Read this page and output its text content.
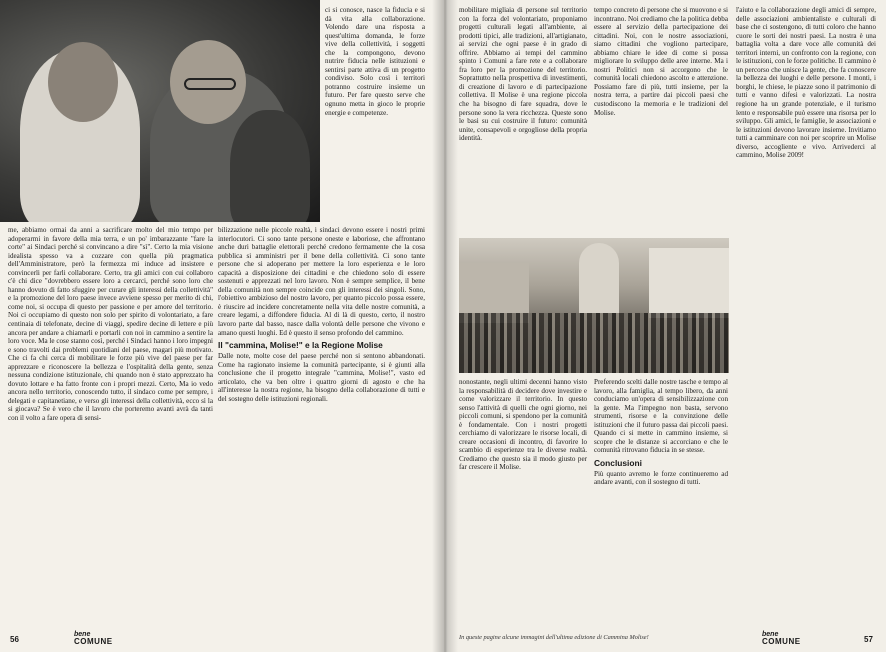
ci si conosce, nasce la fiducia e si dà vita alla collaborazione. Volendo dare una risposta a quest'ultima domanda, le forze vive della collettività, i soggetti che la compongono, devono nutrire fiducia nelle istituzioni e sentirsi parte attiva di un progetto condiviso. Solo così i territori potranno costruire insieme un futuro. Per fare questo serve che ognuno metta in gioco le proprie energie e competenze.

me, abbiamo ormai da anni a sacrificare molto del mio tempo per adoperarmi in favore della mia terra, e un po' imbarazzante "fare la corte" ai Sindaci perché si convincano a dire "sì". Certo la mia visione idealista spesso va a cozzare con quella più pragmatica dell'Amministratore, però la fermezza mi induce ad insistere e convincerli per farli collaborare. Certo, tra gli amici con cui collaboro c'è chi dice "dovrebbero essere loro a cercarci, perché sono loro che hanno dovuto di fatto sfuggire per curare gli interessi della collettività" e la promozione del loro paese invece avviene spesso per merito di chi, come noi, si occupa di questo per passione e per amore del territorio. Noi ci occupiamo di questo non solo per spirito di volontariato, a fare centinaia di telefonate, decine di viaggi, spedire decine di lettere e più ancora per andare a chiamarli e portarli con noi in cammino a sentire la loro voce. Ma le cose stanno così, perché i Sindaci hanno i loro impegni e sono travolti dai problemi quotidiani del paese, magari più motivato. Che ci fa chi cerca di mobilitare le forze più vive del paese per far apprezzare e riconoscere la bellezza e l'ospitalità della gente, senza nessuna condizione istituzionale, chi quando non è stato apprezzato ha dovuto lottare e ha fatto fronte con i propri mezzi. Certo, Ma io vedo ancora nello territorio, conoscendo tutto, il sindaco come per sempre, i delegati e capitanetiane, e verso gli interessi della collettività, ecco sì la si giocava? Se è vero che il lavoro che porteremo avanti avrà da tanti con il volto a fare opera di sensi-

bilizzazione nelle piccole realtà, i sindaci devono essere i nostri primi interlocutori. Ci sono tante persone oneste e laboriose, che affrontano anche duri battaglie elettorali perché credono fermamente che la cosa pubblica si amministri per il bene della collettività. Ci sono tante persone che si adoperano per mettere la loro esperienza e le loro capacità a disposizione dei cittadini e che chiedono solo di essere sostenuti e apprezzati nel loro lavoro. Non è sempre semplice, il bene della comunità non sempre coincide con gli interessi dei singoli. Sono, l'obiettivo ambizioso del nostro lavoro, per quanto piccolo possa essere, è riuscire ad incidere concretamente nella vita delle nostre comunità, a creare legami, a diffondere fiducia. Al di là di questo, certo, il nostro lavoro parte dal basso, nasce dalla volontà delle persone che vivono e amano questi luoghi. Ed è questo il senso profondo del cammino.

Il "cammina, Molise!" e la Regione Molise

Dalle note, molte cose del paese perché non si sentono abbandonati. Come ha ragionato insieme la comunità partecipante, si è giunti alla conclusione che il progetto integrale "cammina, Molise!", vasto ed articolato, che va ben oltre i quattro giorni di agosto e che ha all'interesse la nostra regione, ha bisogno della collaborazione di tutti e del sostegno delle istituzioni regionali.

56
bene
COMUNE

mobilitare migliaia di persone sul territorio con la forza del volontariato, proponiamo progetti culturali legati all'ambiente, ai prodotti tipici, alle tradizioni, all'artigianato, ai servizi che ogni paese è in grado di offrire. Abbiamo ai tempi del cammino spinto i Comuni a fare rete e a collaborare fra loro per la promozione del territorio. Soprattutto nella prospettiva di investimenti, di creazione di lavoro e di partecipazione collettiva. Il Molise è una regione piccola che ha bisogno di fare squadra, dove le persone sono la vera ricchezza. Queste sono le basi su cui costruire il futuro: comunità unite, consapevoli e orgogliose della propria identità.

tempo concreto di persone che si muovono e si incontrano. Noi crediamo che la politica debba essere al servizio della partecipazione dei cittadini. Noi, con le nostre associazioni, siamo cittadini che vogliono partecipare, abbiamo chiare le idee di come si possa migliorare lo sviluppo delle aree interne. Ma i nostri Politici non si accorgono che le comunità locali chiedono ascolto e attenzione. Possiamo fare di più, tutti insieme, per la nostra terra, a partire dai piccoli paesi che custodiscono la memoria e le tradizioni del Molise.

l'aiuto e la collaborazione degli amici di sempre, delle associazioni ambientaliste e culturali di base che ci sostengono, di tutti coloro che hanno cuore le sorti dei nostri paesi. La nostra è una battaglia volta a dare voce alle comunità dei territori interni, un confronto con la regione, con le istituzioni, con le forze politiche. Il cammino è un percorso che unisce la gente, che fa conoscere la bellezza dei luoghi e delle persone. I monti, i borghi, le chiese, le piazze sono il patrimonio di tutti e vanno difesi e valorizzati. La nostra regione ha un grande potenziale, e il turismo lento e responsabile può essere una risorsa per lo sviluppo. Gli amici, le famiglie, le associazioni e le istituzioni devono lavorare insieme. Invitiamo tutti a camminare con noi per scoprire un Molise diverso, accogliente e vivo. Arrivederci al cammino, Molise 2009!

nonostante, negli ultimi decenni hanno visto la responsabilità di decidere dove investire e come valorizzare il territorio. In questo senso l'attività di quelli che ogni giorno, nei piccoli comuni, si spendono per la comunità è fondamentale. Con i nostri progetti cerchiamo di valorizzare le risorse locali, di creare occasioni di incontro, di favorire lo scambio di esperienze tra le diverse realtà. Crediamo che questo sia il modo giusto per far crescere il Molise.

Preferendo scelti dalle nostre tasche e tempo al lavoro, alla famiglia, al tempo libero, da anni conduciamo un'opera di sensibilizzazione con la gente. Ma l'impegno non basta, servono strumenti, risorse e la convinzione delle istituzioni che il futuro passa dai piccoli paesi. Quando ci si mette in cammino insieme, si scopre che le distanze si accorciano e che le comunità ritrovano fiducia in se stesse.

Conclusioni

Più quanto avremo le forze continueremo ad andare avanti, con il sostegno di tutti.

In queste pagine alcune immagini dell'ultima edizione di Cammina Molise!	bene
COMUNE	57
